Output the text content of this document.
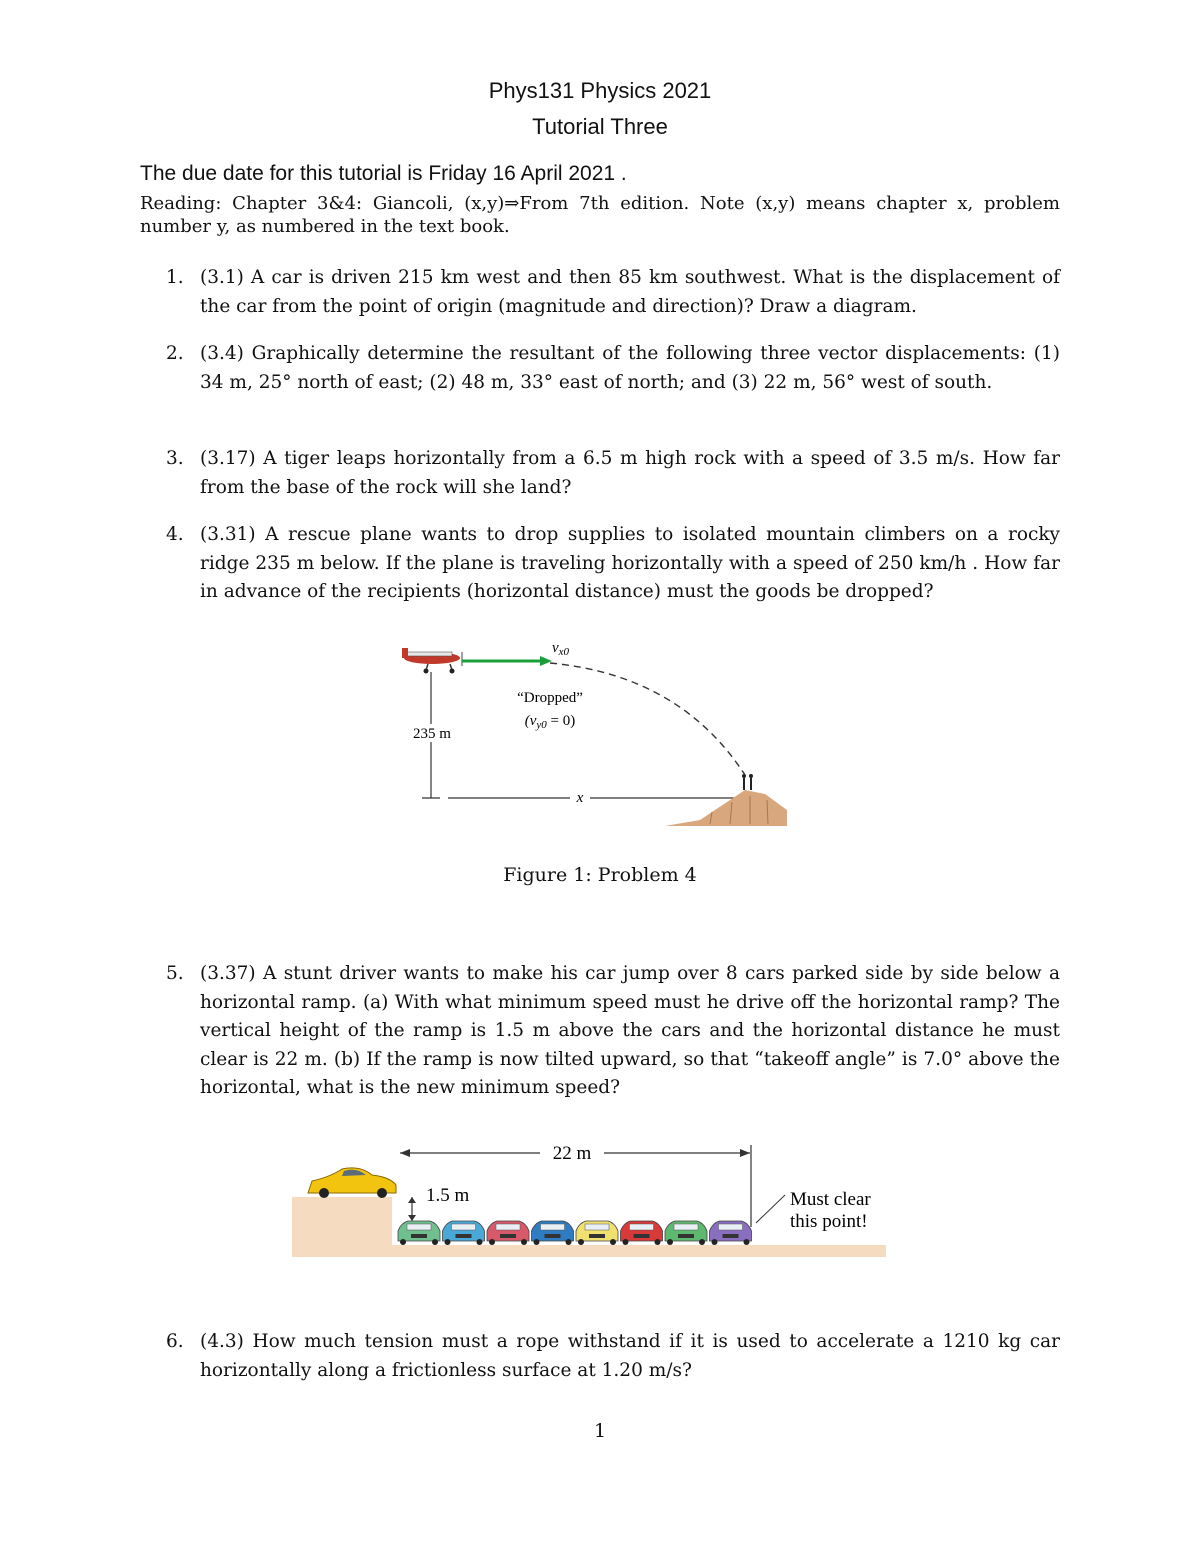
Phys131 Physics 2021
Tutorial Three
The due date for this tutorial is Friday 16 April 2021 .
Reading: Chapter 3&4: Giancoli, (x,y)⇒From 7th edition. Note (x,y) means chapter x, problem number y, as numbered in the text book.
1. (3.1) A car is driven 215 km west and then 85 km southwest. What is the displacement of the car from the point of origin (magnitude and direction)? Draw a diagram.
2. (3.4) Graphically determine the resultant of the following three vector displacements: (1) 34 m, 25° north of east; (2) 48 m, 33° east of north; and (3) 22 m, 56° west of south.
3. (3.17) A tiger leaps horizontally from a 6.5 m high rock with a speed of 3.5 m/s. How far from the base of the rock will she land?
4. (3.31) A rescue plane wants to drop supplies to isolated mountain climbers on a rocky ridge 235 m below. If the plane is traveling horizontally with a speed of 250 km/h . How far in advance of the recipients (horizontal distance) must the goods be dropped?
$v_{x0}$
“Dropped”
$(v_{y0} = 0)$
235 m
x
Figure 1: Problem 4
5. (3.37) A stunt driver wants to make his car jump over 8 cars parked side by side below a horizontal ramp. (a) With what minimum speed must he drive off the horizontal ramp? The vertical height of the ramp is 1.5 m above the cars and the horizontal distance he must clear is 22 m. (b) If the ramp is now tilted upward, so that “takeoff angle” is 7.0° above the horizontal, what is the new minimum speed?
22 m
1.5 m	Must clear
this point!
6. (4.3) How much tension must a rope withstand if it is used to accelerate a 1210 kg car horizontally along a frictionless surface at 1.20 m/s?
1
